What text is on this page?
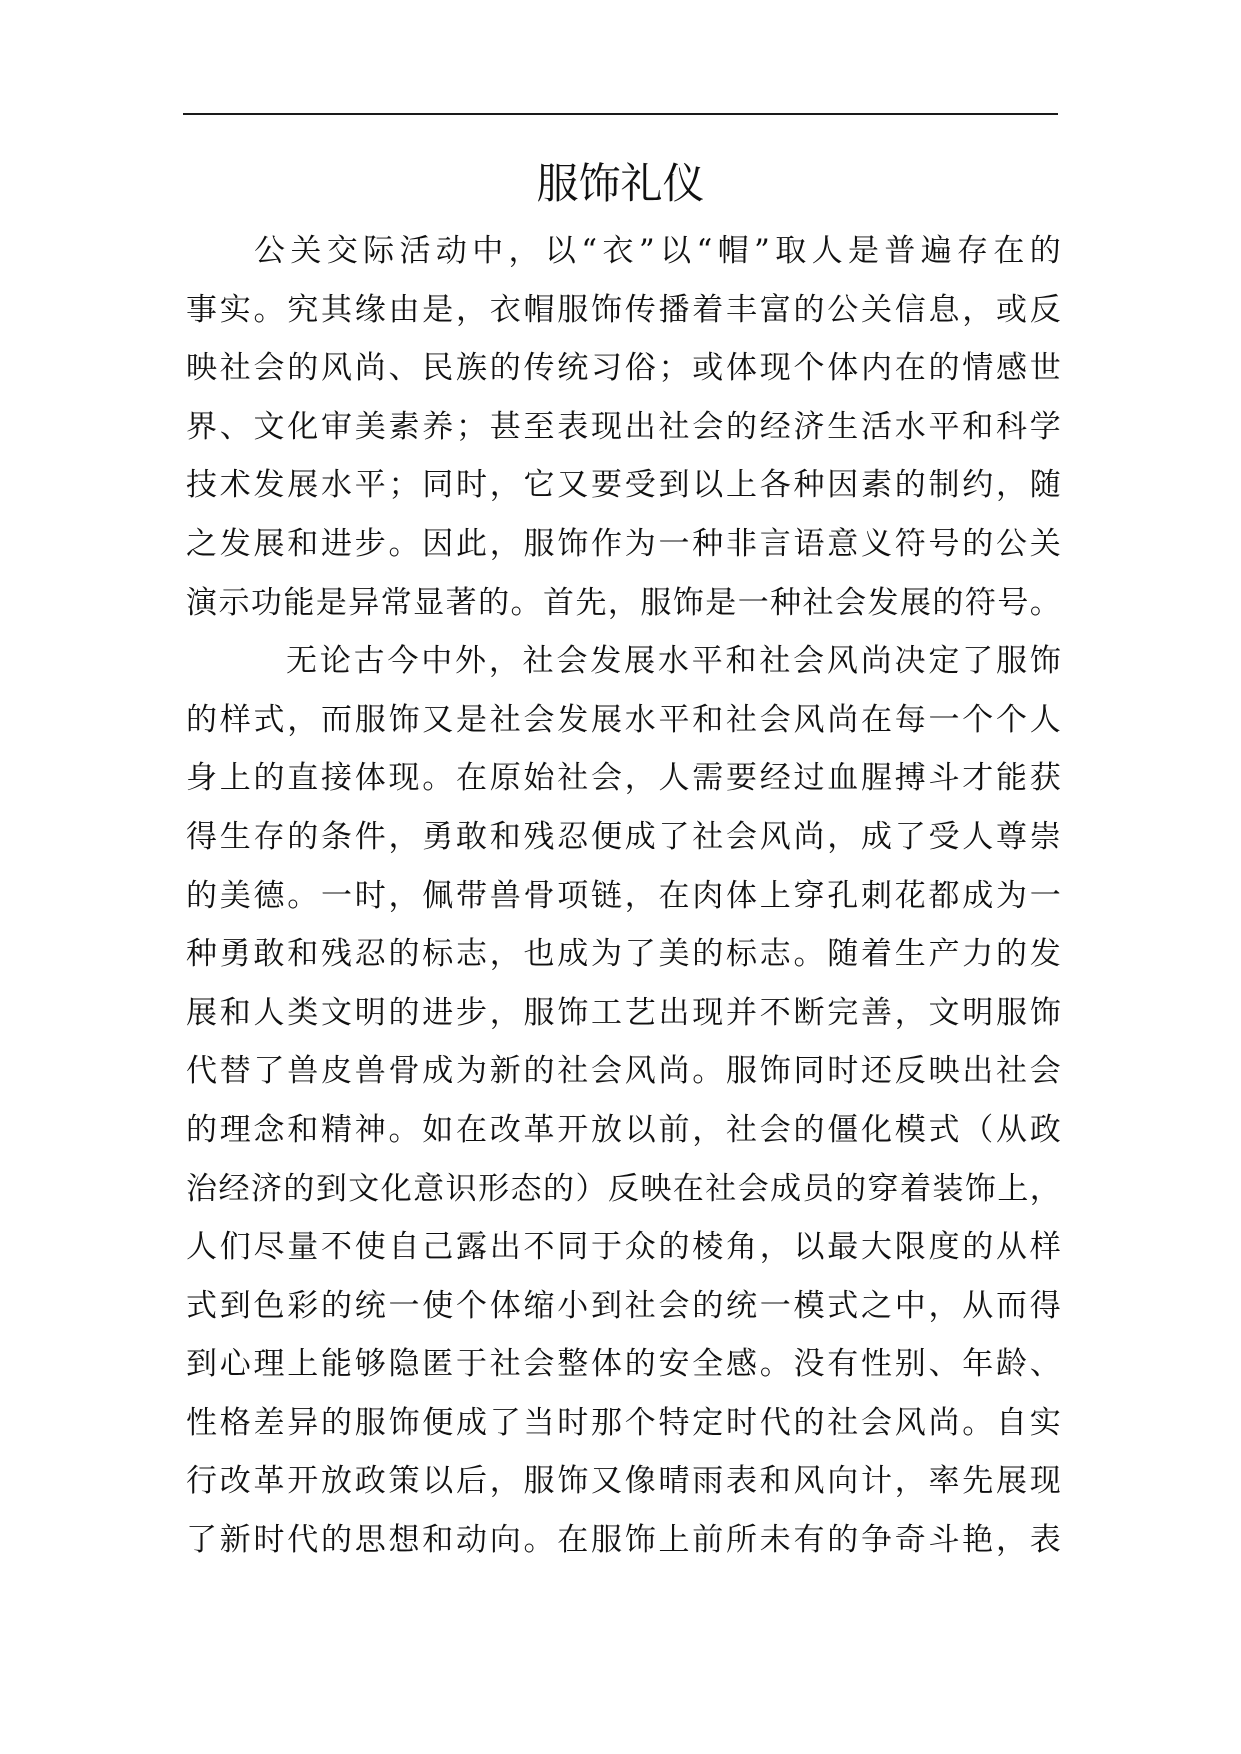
服饰礼仪
公关交际活动中，以“衣”以“帽”取人是普遍存在的
事实。究其缘由是，衣帽服饰传播着丰富的公关信息，或反
映社会的风尚、民族的传统习俗；或体现个体内在的情感世
界、文化审美素养；甚至表现出社会的经济生活水平和科学
技术发展水平；同时，它又要受到以上各种因素的制约，随
之发展和进步。因此，服饰作为一种非言语意义符号的公关
演示功能是异常显著的。首先，服饰是一种社会发展的符号。
无论古今中外，社会发展水平和社会风尚决定了服饰
的样式，而服饰又是社会发展水平和社会风尚在每一个个人
身上的直接体现。在原始社会，人需要经过血腥搏斗才能获
得生存的条件，勇敢和残忍便成了社会风尚，成了受人尊崇
的美德。一时，佩带兽骨项链，在肉体上穿孔刺花都成为一
种勇敢和残忍的标志，也成为了美的标志。随着生产力的发
展和人类文明的进步，服饰工艺出现并不断完善，文明服饰
代替了兽皮兽骨成为新的社会风尚。服饰同时还反映出社会
的理念和精神。如在改革开放以前，社会的僵化模式（从政
治经济的到文化意识形态的）反映在社会成员的穿着装饰上，
人们尽量不使自己露出不同于众的棱角，以最大限度的从样
式到色彩的统一使个体缩小到社会的统一模式之中，从而得
到心理上能够隐匿于社会整体的安全感。没有性别、年龄、
性格差异的服饰便成了当时那个特定时代的社会风尚。自实
行改革开放政策以后，服饰又像晴雨表和风向计，率先展现
了新时代的思想和动向。在服饰上前所未有的争奇斗艳，表
